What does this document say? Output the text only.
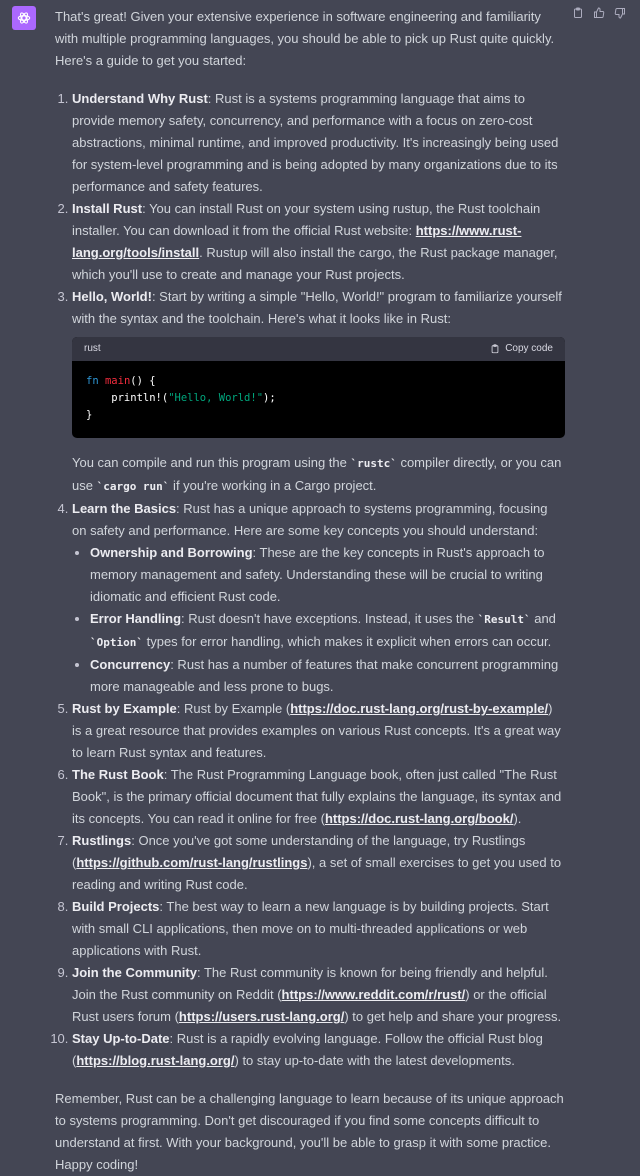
That's great! Given your extensive experience in software engineering and familiarity with multiple programming languages, you should be able to pick up Rust quite quickly. Here's a guide to get you started:

1. Understand Why Rust: Rust is a systems programming language that aims to provide memory safety, concurrency, and performance with a focus on zero-cost abstractions, minimal runtime, and improved productivity. It's increasingly being used for system-level programming and is being adopted by many organizations due to its performance and safety features.
2. Install Rust: You can install Rust on your system using rustup, the Rust toolchain installer. You can download it from the official Rust website: https://www.rust-lang.org/tools/install. Rustup will also install the cargo, the Rust package manager, which you'll use to create and manage your Rust projects.
3. Hello, World!: Start by writing a simple "Hello, World!" program to familiarize yourself with the syntax and the toolchain. Here's what it looks like in Rust:
rust	Copy code
fn main() {
println!("Hello, World!");
}
You can compile and run this program using the `rustc` compiler directly, or you can use `cargo run` if you're working in a Cargo project.
4. Learn the Basics: Rust has a unique approach to systems programming, focusing on safety and performance. Here are some key concepts you should understand:
• Ownership and Borrowing: These are the key concepts in Rust's approach to memory management and safety. Understanding these will be crucial to writing idiomatic and efficient Rust code.
• Error Handling: Rust doesn't have exceptions. Instead, it uses the `Result` and `Option` types for error handling, which makes it explicit when errors can occur.
• Concurrency: Rust has a number of features that make concurrent programming more manageable and less prone to bugs.
5. Rust by Example: Rust by Example (https://doc.rust-lang.org/rust-by-example/) is a great resource that provides examples on various Rust concepts. It's a great way to learn Rust syntax and features.
6. The Rust Book: The Rust Programming Language book, often just called "The Rust Book", is the primary official document that fully explains the language, its syntax and its concepts. You can read it online for free (https://doc.rust-lang.org/book/).
7. Rustlings: Once you've got some understanding of the language, try Rustlings (https://github.com/rust-lang/rustlings), a set of small exercises to get you used to reading and writing Rust code.
8. Build Projects: The best way to learn a new language is by building projects. Start with small CLI applications, then move on to multi-threaded applications or web applications with Rust.
9. Join the Community: The Rust community is known for being friendly and helpful. Join the Rust community on Reddit (https://www.reddit.com/r/rust/) or the official Rust users forum (https://users.rust-lang.org/) to get help and share your progress.
10. Stay Up-to-Date: Rust is a rapidly evolving language. Follow the official Rust blog (https://blog.rust-lang.org/) to stay up-to-date with the latest developments.

Remember, Rust can be a challenging language to learn because of its unique approach to systems programming. Don't get discouraged if you find some concepts difficult to understand at first. With your background, you'll be able to grasp it with some practice. Happy coding!
